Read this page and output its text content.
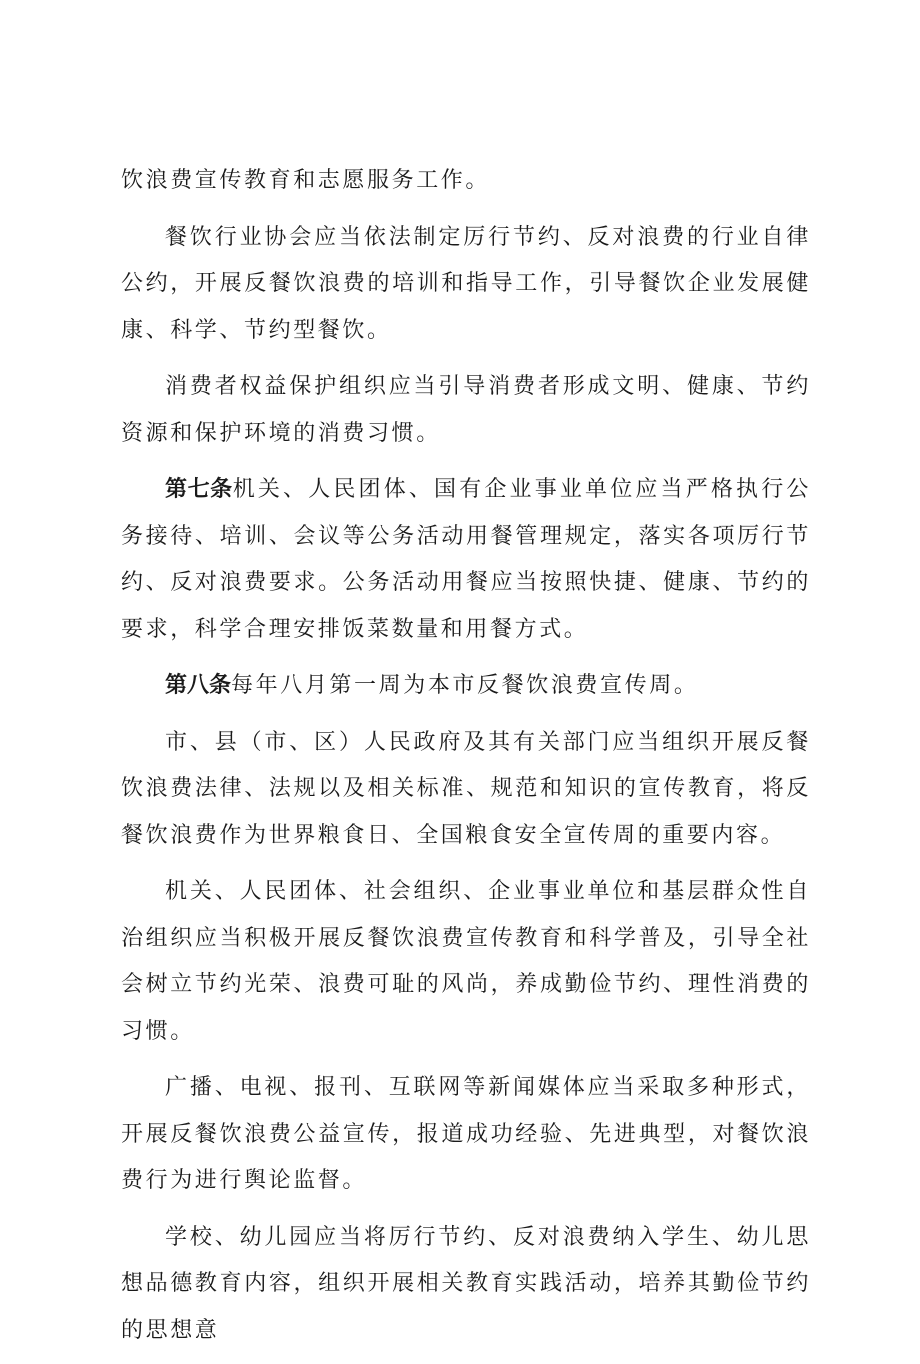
饮浪费宣传教育和志愿服务工作。

餐饮行业协会应当依法制定厉行节约、反对浪费的行业自律公约，开展反餐饮浪费的培训和指导工作，引导餐饮企业发展健康、科学、节约型餐饮。

消费者权益保护组织应当引导消费者形成文明、健康、节约资源和保护环境的消费习惯。

第七条机关、人民团体、国有企业事业单位应当严格执行公务接待、培训、会议等公务活动用餐管理规定，落实各项厉行节约、反对浪费要求。公务活动用餐应当按照快捷、健康、节约的要求，科学合理安排饭菜数量和用餐方式。

第八条每年八月第一周为本市反餐饮浪费宣传周。

市、县（市、区）人民政府及其有关部门应当组织开展反餐饮浪费法律、法规以及相关标准、规范和知识的宣传教育，将反餐饮浪费作为世界粮食日、全国粮食安全宣传周的重要内容。

机关、人民团体、社会组织、企业事业单位和基层群众性自治组织应当积极开展反餐饮浪费宣传教育和科学普及，引导全社会树立节约光荣、浪费可耻的风尚，养成勤俭节约、理性消费的习惯。

广播、电视、报刊、互联网等新闻媒体应当采取多种形式，开展反餐饮浪费公益宣传，报道成功经验、先进典型，对餐饮浪费行为进行舆论监督。

学校、幼儿园应当将厉行节约、反对浪费纳入学生、幼儿思想品德教育内容，组织开展相关教育实践活动，培养其勤俭节约的思想意
